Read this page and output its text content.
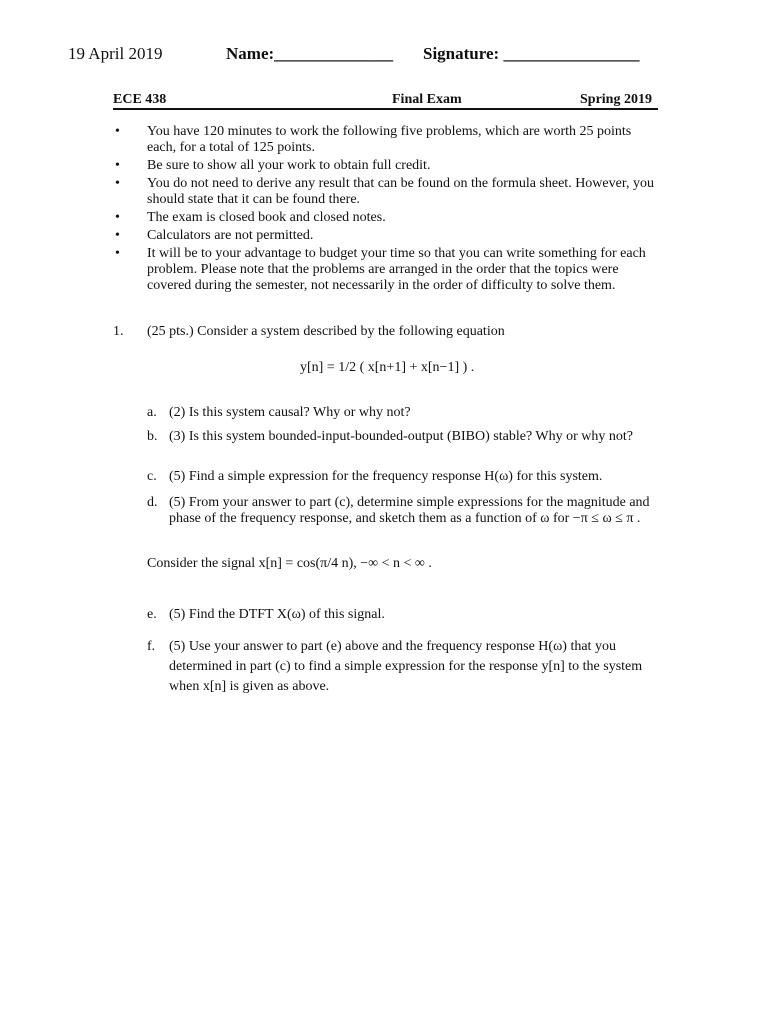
19 April 2019	Name:______________ Signature: ________________
ECE 438	Final Exam	Spring 2019
• You have 120 minutes to work the following five problems, which are worth 25 points each, for a total of 125 points.
• Be sure to show all your work to obtain full credit.
• You do not need to derive any result that can be found on the formula sheet. However, you should state that it can be found there.
• The exam is closed book and closed notes.
• Calculators are not permitted.
• It will be to your advantage to budget your time so that you can write something for each problem. Please note that the problems are arranged in the order that the topics were covered during the semester, not necessarily in the order of difficulty to solve them.
1. (25 pts.) Consider a system described by the following equation
y[n] = 1/2 ( x[n+1] + x[n−1] ) .
a. (2) Is this system causal? Why or why not?
b. (3) Is this system bounded-input-bounded-output (BIBO) stable? Why or why not?
c. (5) Find a simple expression for the frequency response H(ω) for this system.
d. (5) From your answer to part (c), determine simple expressions for the magnitude and phase of the frequency response, and sketch them as a function of ω for −π ≤ ω ≤ π .
Consider the signal x[n] = cos(π/4 n), −∞ < n < ∞ .
e. (5) Find the DTFT X(ω) of this signal.
f. (5) Use your answer to part (e) above and the frequency response H(ω) that you determined in part (c) to find a simple expression for the response y[n] to the system when x[n] is given as above.
